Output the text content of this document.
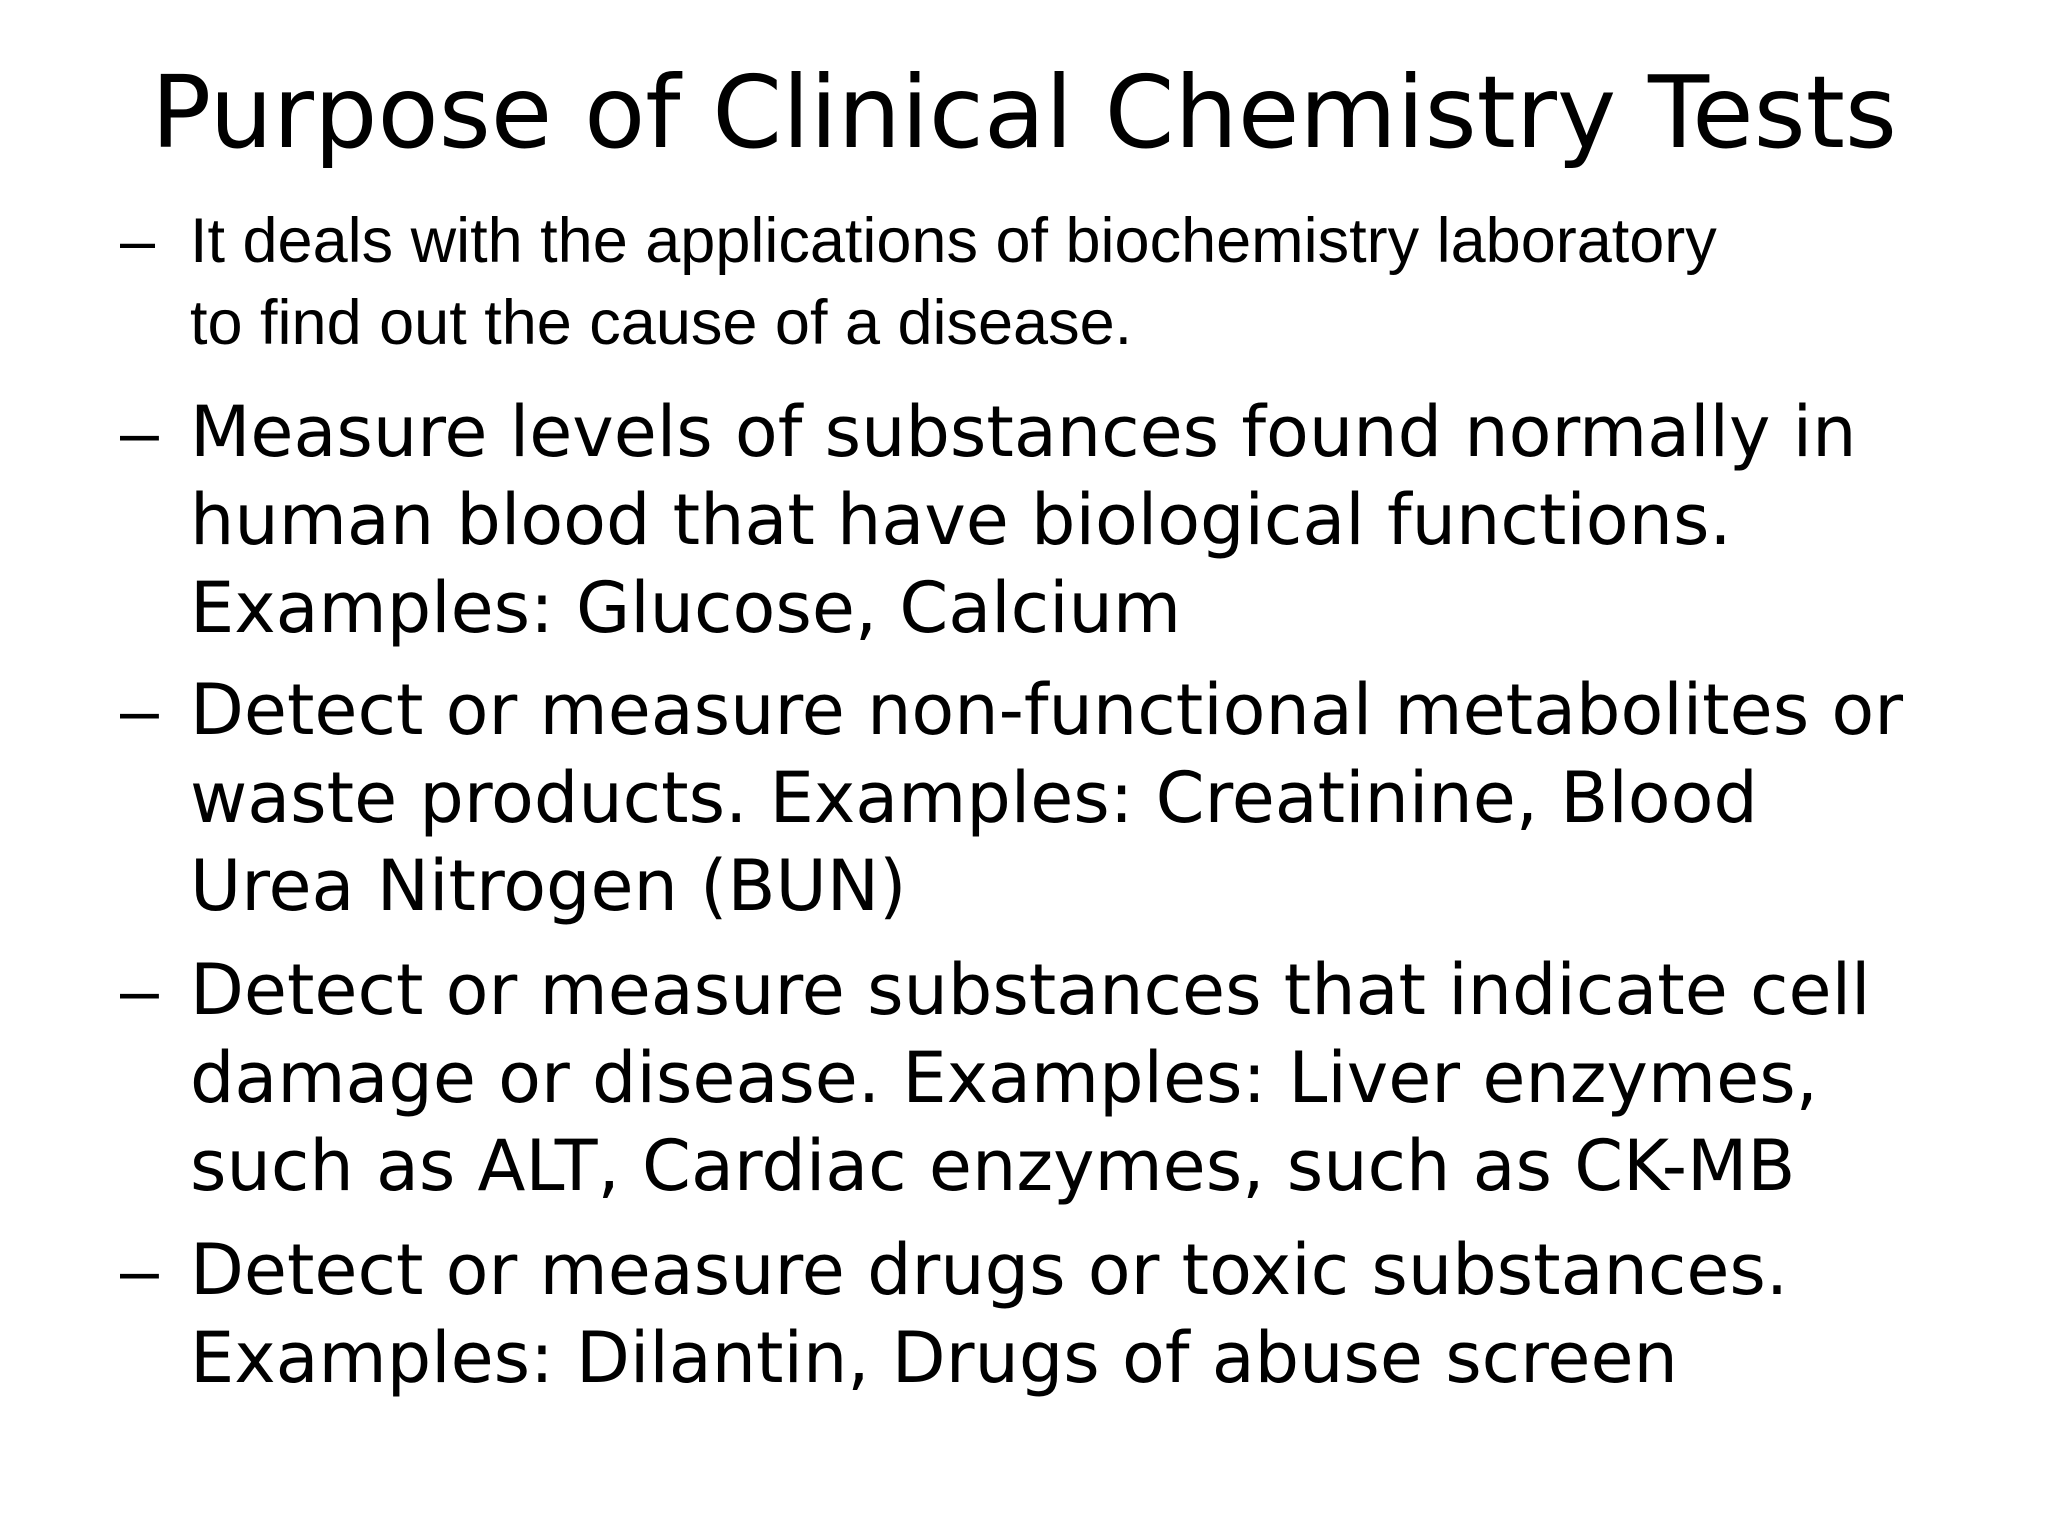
Purpose of Clinical Chemistry Tests
– It deals with the applications of biochemistry laboratory
to find out the cause of a disease.
– Measure levels of substances found normally in
human blood that have biological functions.
Examples: Glucose, Calcium
– Detect or measure non-functional metabolites or
waste products. Examples: Creatinine, Blood
Urea Nitrogen (BUN)
– Detect or measure substances that indicate cell
damage or disease. Examples: Liver enzymes,
such as ALT, Cardiac enzymes, such as CK-MB
– Detect or measure drugs or toxic substances.
Examples: Dilantin, Drugs of abuse screen
